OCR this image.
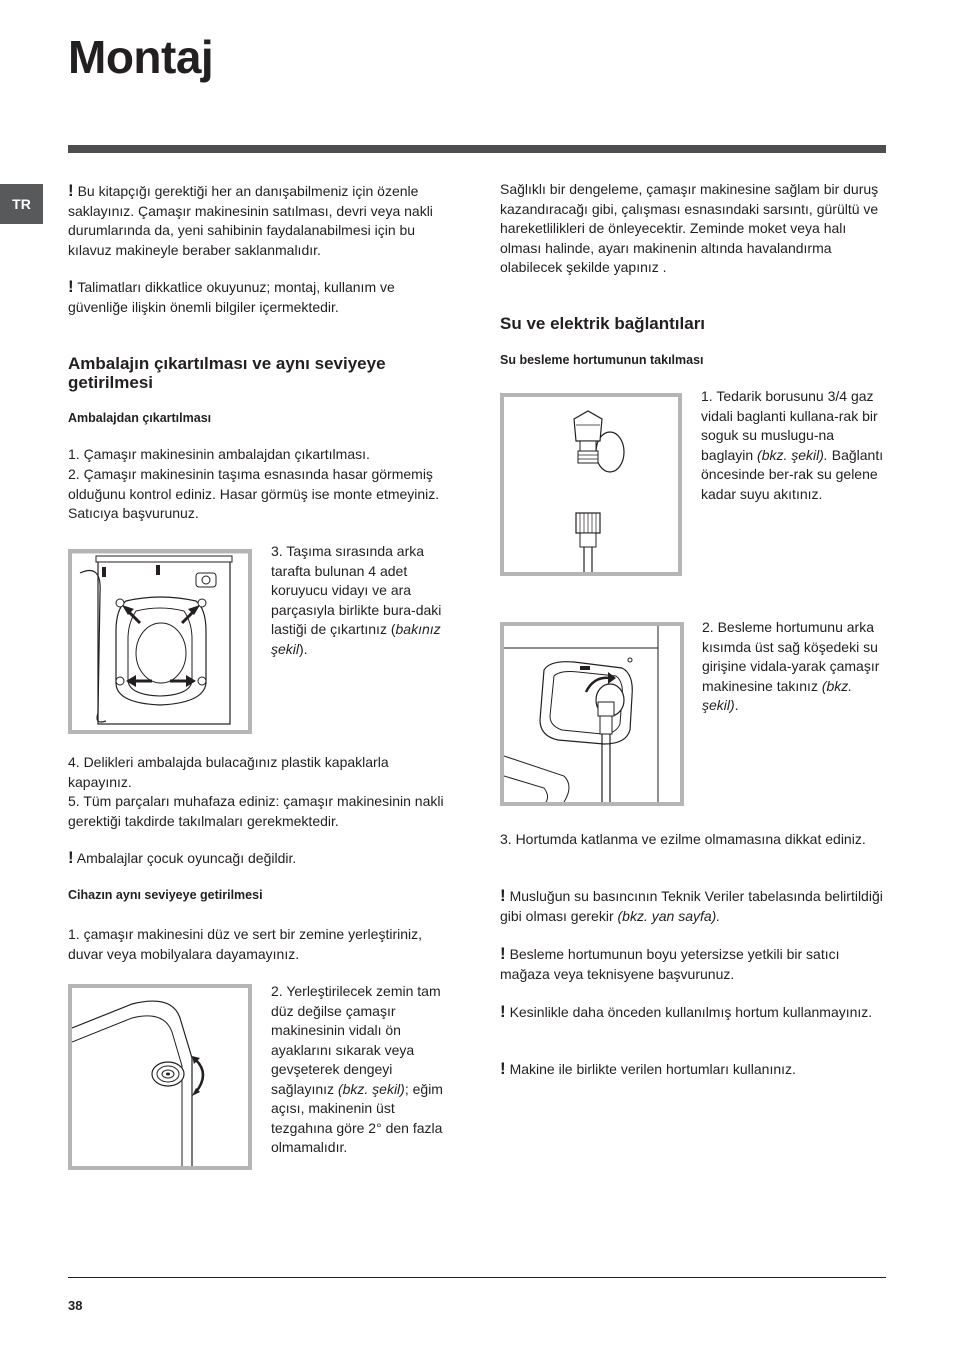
Montaj
TR

! Bu kitapçığı gerektiği her an danışabilmeniz için özenle saklayınız. Çamaşır makinesinin satılması, devri veya nakli durumlarında da, yeni sahibinin faydalanabilmesi için bu kılavuz makineyle beraber saklanmalıdır.

! Talimatları dikkatlice okuyunuz; montaj, kullanım ve güvenliğe ilişkin önemli bilgiler içermektedir.

Ambalajın çıkartılması ve aynı seviyeye getirilmesi
Ambalajdan çıkartılması

1. Çamaşır makinesinin ambalajdan çıkartılması.

2. Çamaşır makinesinin taşıma esnasında hasar görmemiş olduğunu kontrol ediniz. Hasar görmüş ise monte etmeyiniz. Satıcıya başvurunuz.

3. Taşıma sırasında arka tarafta bulunan 4 adet koruyucu vidayı ve ara parçasıyla birlikte bura-daki lastiği de çıkartınız (bakınız şekil).

4. Delikleri ambalajda bulacağınız plastik kapaklarla kapayınız.

5. Tüm parçaları muhafaza ediniz: çamaşır makinesinin nakli gerektiği takdirde takılmaları gerekmektedir.

! Ambalajlar çocuk oyuncağı değildir.

Cihazın aynı seviyeye getirilmesi

1. çamaşır makinesini düz ve sert bir zemine yerleştiriniz, duvar veya mobilyalara dayamayınız.

2. Yerleştirilecek zemin tam düz değilse çamaşır makinesinin vidalı ön ayaklarını sıkarak veya gevşeterek dengeyi sağlayınız (bkz. şekil); eğim açısı, makinenin üst tezgahına göre 2° den fazla olmamalıdır.

Sağlıklı bir dengeleme, çamaşır makinesine sağlam bir duruş kazandıracağı gibi, çalışması esnasındaki sarsıntı, gürültü ve hareketlilikleri de önleyecektir. Zeminde moket veya halı olması halinde, ayarı makinenin altında havalandırma olabilecek şekilde yapınız .

Su ve elektrik bağlantıları
Su besleme hortumunun takılması

1. Tedarik borusunu 3/4 gaz vidali baglanti kullana-rak bir soguk su muslugu-na baglayin (bkz. şekil). Bağlantı öncesinde ber-rak su gelene kadar suyu akıtınız.

2. Besleme hortumunu arka kısımda üst sağ köşedeki su girişine vidala-yarak çamaşır makinesine takınız (bkz. şekil).

3. Hortumda katlanma ve ezilme olmamasına dikkat ediniz.

! Musluğun su basıncının Teknik Veriler tabelasında belirtildiği gibi olması gerekir (bkz. yan sayfa).

! Besleme hortumunun boyu yetersizse yetkili bir satıcı mağaza veya teknisyene başvurunuz.

! Kesinlikle daha önceden kullanılmış hortum kullanmayınız.

! Makine ile birlikte verilen hortumları kullanınız.

38
